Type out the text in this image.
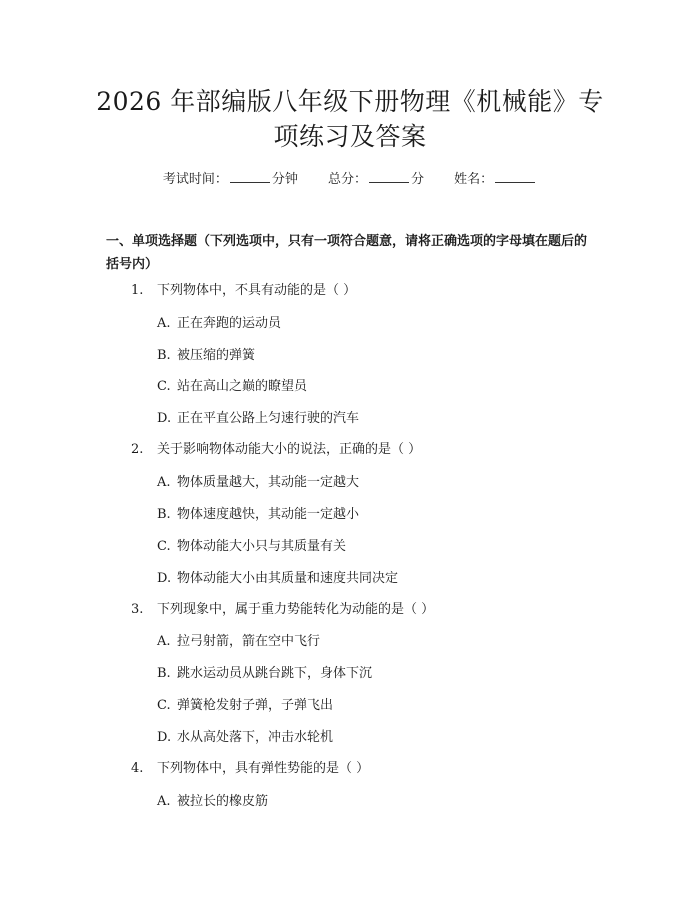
2026 年部编版八年级下册物理《机械能》专
项练习及答案
考试时间：	分钟 总分：	分 姓名：
一、单项选择题（下列选项中，只有一项符合题意，请将正确选项的字母填在题后的括号内）
1. 下列物体中，不具有动能的是（ ）
A. 正在奔跑的运动员
B. 被压缩的弹簧
C. 站在高山之巅的瞭望员
D. 正在平直公路上匀速行驶的汽车
2. 关于影响物体动能大小的说法，正确的是（ ）
A. 物体质量越大，其动能一定越大
B. 物体速度越快，其动能一定越小
C. 物体动能大小只与其质量有关
D. 物体动能大小由其质量和速度共同决定
3. 下列现象中，属于重力势能转化为动能的是（ ）
A. 拉弓射箭，箭在空中飞行
B. 跳水运动员从跳台跳下，身体下沉
C. 弹簧枪发射子弹，子弹飞出
D. 水从高处落下，冲击水轮机
4. 下列物体中，具有弹性势能的是（ ）
A. 被拉长的橡皮筋
